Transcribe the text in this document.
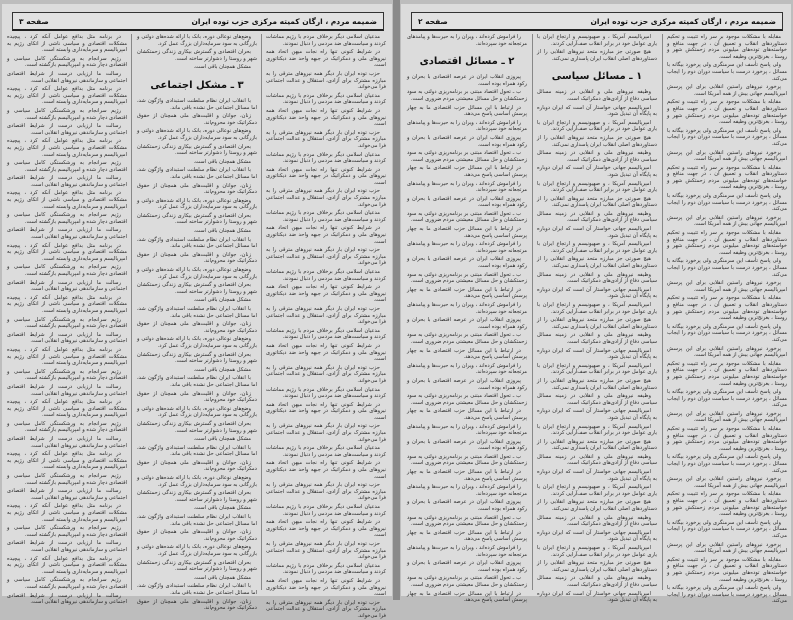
ضمیمه مردم ، ارگان کمیته مرکزی حزب توده ایران
صفحه ۳

مدعیان اسلامی دیگر برخلاف مردم با رژیم مماشات کردند و سیاست‌های ضد مردمی را دنبال نمودند.

در شرایط کنونی تنها راه نجات میهن اتحاد همه نیروهای ملی و دمکراتیک در جبهه واحد ضد دیکتاتوری است.

حزب توده ایران بار دیگر همه نیروهای مترقی را به مبارزه مشترک برای آزادی، استقلال و عدالت اجتماعی فرا می‌خواند.

مدعیان اسلامی دیگر برخلاف مردم با رژیم مماشات کردند و سیاست‌های ضد مردمی را دنبال نمودند.

در شرایط کنونی تنها راه نجات میهن اتحاد همه نیروهای ملی و دمکراتیک در جبهه واحد ضد دیکتاتوری است.

حزب توده ایران بار دیگر همه نیروهای مترقی را به مبارزه مشترک برای آزادی، استقلال و عدالت اجتماعی فرا می‌خواند.

مدعیان اسلامی دیگر برخلاف مردم با رژیم مماشات کردند و سیاست‌های ضد مردمی را دنبال نمودند.

در شرایط کنونی تنها راه نجات میهن اتحاد همه نیروهای ملی و دمکراتیک در جبهه واحد ضد دیکتاتوری است.

حزب توده ایران بار دیگر همه نیروهای مترقی را به مبارزه مشترک برای آزادی، استقلال و عدالت اجتماعی فرا می‌خواند.

مدعیان اسلامی دیگر برخلاف مردم با رژیم مماشات کردند و سیاست‌های ضد مردمی را دنبال نمودند.

در شرایط کنونی تنها راه نجات میهن اتحاد همه نیروهای ملی و دمکراتیک در جبهه واحد ضد دیکتاتوری است.

حزب توده ایران بار دیگر همه نیروهای مترقی را به مبارزه مشترک برای آزادی، استقلال و عدالت اجتماعی فرا می‌خواند.

مدعیان اسلامی دیگر برخلاف مردم با رژیم مماشات کردند و سیاست‌های ضد مردمی را دنبال نمودند.

در شرایط کنونی تنها راه نجات میهن اتحاد همه نیروهای ملی و دمکراتیک در جبهه واحد ضد دیکتاتوری است.

حزب توده ایران بار دیگر همه نیروهای مترقی را به مبارزه مشترک برای آزادی، استقلال و عدالت اجتماعی فرا می‌خواند.

مدعیان اسلامی دیگر برخلاف مردم با رژیم مماشات کردند و سیاست‌های ضد مردمی را دنبال نمودند.

در شرایط کنونی تنها راه نجات میهن اتحاد همه نیروهای ملی و دمکراتیک در جبهه واحد ضد دیکتاتوری است.

حزب توده ایران بار دیگر همه نیروهای مترقی را به مبارزه مشترک برای آزادی، استقلال و عدالت اجتماعی فرا می‌خواند.

مدعیان اسلامی دیگر برخلاف مردم با رژیم مماشات کردند و سیاست‌های ضد مردمی را دنبال نمودند.

در شرایط کنونی تنها راه نجات میهن اتحاد همه نیروهای ملی و دمکراتیک در جبهه واحد ضد دیکتاتوری است.

حزب توده ایران بار دیگر همه نیروهای مترقی را به مبارزه مشترک برای آزادی، استقلال و عدالت اجتماعی فرا می‌خواند.

مدعیان اسلامی دیگر برخلاف مردم با رژیم مماشات کردند و سیاست‌های ضد مردمی را دنبال نمودند.

در شرایط کنونی تنها راه نجات میهن اتحاد همه نیروهای ملی و دمکراتیک در جبهه واحد ضد دیکتاتوری است.

حزب توده ایران بار دیگر همه نیروهای مترقی را به مبارزه مشترک برای آزادی، استقلال و عدالت اجتماعی فرا می‌خواند.

مدعیان اسلامی دیگر برخلاف مردم با رژیم مماشات کردند و سیاست‌های ضد مردمی را دنبال نمودند.

در شرایط کنونی تنها راه نجات میهن اتحاد همه نیروهای ملی و دمکراتیک در جبهه واحد ضد دیکتاتوری است.

حزب توده ایران بار دیگر همه نیروهای مترقی را به مبارزه مشترک برای آزادی، استقلال و عدالت اجتماعی فرا می‌خواند.

مدعیان اسلامی دیگر برخلاف مردم با رژیم مماشات کردند و سیاست‌های ضد مردمی را دنبال نمودند.

در شرایط کنونی تنها راه نجات میهن اتحاد همه نیروهای ملی و دمکراتیک در جبهه واحد ضد دیکتاتوری است.

حزب توده ایران بار دیگر همه نیروهای مترقی را به مبارزه مشترک برای آزادی، استقلال و عدالت اجتماعی فرا می‌خواند.

وضع‌های نوعالی دوره، بانک با ارائه شده‌های دولتی و بازرگانی به سود سرمایه‌داران بزرگ عمل کرد.

بحران اقتصادی و گسترش بیکاری زندگی زحمتکشان شهر و روستا را دشوارتر ساخته است.

مشکل همچنان باقی است.

۳ ـ مشکل اجتماعی

با انقلاب ایران نظام سلطنت استبدادی واژگون شد، اما مسائل اجتماعی حل نشده باقی ماند.

زنان، جوانان و اقلیت‌های ملی همچنان از حقوق دمکراتیک خود محروم‌اند.

وضع‌های نوعالی دوره، بانک با ارائه شده‌های دولتی و بازرگانی به سود سرمایه‌داران بزرگ عمل کرد.

بحران اقتصادی و گسترش بیکاری زندگی زحمتکشان شهر و روستا را دشوارتر ساخته است.

مشکل همچنان باقی است.

با انقلاب ایران نظام سلطنت استبدادی واژگون شد، اما مسائل اجتماعی حل نشده باقی ماند.

زنان، جوانان و اقلیت‌های ملی همچنان از حقوق دمکراتیک خود محروم‌اند.

وضع‌های نوعالی دوره، بانک با ارائه شده‌های دولتی و بازرگانی به سود سرمایه‌داران بزرگ عمل کرد.

بحران اقتصادی و گسترش بیکاری زندگی زحمتکشان شهر و روستا را دشوارتر ساخته است.

مشکل همچنان باقی است.

با انقلاب ایران نظام سلطنت استبدادی واژگون شد، اما مسائل اجتماعی حل نشده باقی ماند.

زنان، جوانان و اقلیت‌های ملی همچنان از حقوق دمکراتیک خود محروم‌اند.

وضع‌های نوعالی دوره، بانک با ارائه شده‌های دولتی و بازرگانی به سود سرمایه‌داران بزرگ عمل کرد.

بحران اقتصادی و گسترش بیکاری زندگی زحمتکشان شهر و روستا را دشوارتر ساخته است.

مشکل همچنان باقی است.

با انقلاب ایران نظام سلطنت استبدادی واژگون شد، اما مسائل اجتماعی حل نشده باقی ماند.

زنان، جوانان و اقلیت‌های ملی همچنان از حقوق دمکراتیک خود محروم‌اند.

وضع‌های نوعالی دوره، بانک با ارائه شده‌های دولتی و بازرگانی به سود سرمایه‌داران بزرگ عمل کرد.

بحران اقتصادی و گسترش بیکاری زندگی زحمتکشان شهر و روستا را دشوارتر ساخته است.

مشکل همچنان باقی است.

با انقلاب ایران نظام سلطنت استبدادی واژگون شد، اما مسائل اجتماعی حل نشده باقی ماند.

زنان، جوانان و اقلیت‌های ملی همچنان از حقوق دمکراتیک خود محروم‌اند.

وضع‌های نوعالی دوره، بانک با ارائه شده‌های دولتی و بازرگانی به سود سرمایه‌داران بزرگ عمل کرد.

بحران اقتصادی و گسترش بیکاری زندگی زحمتکشان شهر و روستا را دشوارتر ساخته است.

مشکل همچنان باقی است.

با انقلاب ایران نظام سلطنت استبدادی واژگون شد، اما مسائل اجتماعی حل نشده باقی ماند.

زنان، جوانان و اقلیت‌های ملی همچنان از حقوق دمکراتیک خود محروم‌اند.

وضع‌های نوعالی دوره، بانک با ارائه شده‌های دولتی و بازرگانی به سود سرمایه‌داران بزرگ عمل کرد.

بحران اقتصادی و گسترش بیکاری زندگی زحمتکشان شهر و روستا را دشوارتر ساخته است.

مشکل همچنان باقی است.

با انقلاب ایران نظام سلطنت استبدادی واژگون شد، اما مسائل اجتماعی حل نشده باقی ماند.

زنان، جوانان و اقلیت‌های ملی همچنان از حقوق دمکراتیک خود محروم‌اند.

وضع‌های نوعالی دوره، بانک با ارائه شده‌های دولتی و بازرگانی به سود سرمایه‌داران بزرگ عمل کرد.

بحران اقتصادی و گسترش بیکاری زندگی زحمتکشان شهر و روستا را دشوارتر ساخته است.

مشکل همچنان باقی است.

با انقلاب ایران نظام سلطنت استبدادی واژگون شد، اما مسائل اجتماعی حل نشده باقی ماند.

زنان، جوانان و اقلیت‌های ملی همچنان از حقوق دمکراتیک خود محروم‌اند.

در برنامه مثل بدافع عوامل آنکه کرد ، پیچیده مشکلات اقتصادی و سیاسی ناشی از اتکای رژیم به امپریالیسم و سرمایه‌داری وابسته است.

رژیم سرانجام به ورشکستگی کامل سیاسی و اقتصادی دچار شده و امپریالیسم بازگشته است.

رسالت ما ارزیابی درست از شرایط اقتصادی اجتماعی و سازماندهی نیروهای انقلابی است.

در برنامه مثل بدافع عوامل آنکه کرد ، پیچیده مشکلات اقتصادی و سیاسی ناشی از اتکای رژیم به امپریالیسم و سرمایه‌داری وابسته است.

رژیم سرانجام به ورشکستگی کامل سیاسی و اقتصادی دچار شده و امپریالیسم بازگشته است.

رسالت ما ارزیابی درست از شرایط اقتصادی اجتماعی و سازماندهی نیروهای انقلابی است.

در برنامه مثل بدافع عوامل آنکه کرد ، پیچیده مشکلات اقتصادی و سیاسی ناشی از اتکای رژیم به امپریالیسم و سرمایه‌داری وابسته است.

رژیم سرانجام به ورشکستگی کامل سیاسی و اقتصادی دچار شده و امپریالیسم بازگشته است.

رسالت ما ارزیابی درست از شرایط اقتصادی اجتماعی و سازماندهی نیروهای انقلابی است.

در برنامه مثل بدافع عوامل آنکه کرد ، پیچیده مشکلات اقتصادی و سیاسی ناشی از اتکای رژیم به امپریالیسم و سرمایه‌داری وابسته است.

رژیم سرانجام به ورشکستگی کامل سیاسی و اقتصادی دچار شده و امپریالیسم بازگشته است.

رسالت ما ارزیابی درست از شرایط اقتصادی اجتماعی و سازماندهی نیروهای انقلابی است.

در برنامه مثل بدافع عوامل آنکه کرد ، پیچیده مشکلات اقتصادی و سیاسی ناشی از اتکای رژیم به امپریالیسم و سرمایه‌داری وابسته است.

رژیم سرانجام به ورشکستگی کامل سیاسی و اقتصادی دچار شده و امپریالیسم بازگشته است.

رسالت ما ارزیابی درست از شرایط اقتصادی اجتماعی و سازماندهی نیروهای انقلابی است.

در برنامه مثل بدافع عوامل آنکه کرد ، پیچیده مشکلات اقتصادی و سیاسی ناشی از اتکای رژیم به امپریالیسم و سرمایه‌داری وابسته است.

رژیم سرانجام به ورشکستگی کامل سیاسی و اقتصادی دچار شده و امپریالیسم بازگشته است.

رسالت ما ارزیابی درست از شرایط اقتصادی اجتماعی و سازماندهی نیروهای انقلابی است.

در برنامه مثل بدافع عوامل آنکه کرد ، پیچیده مشکلات اقتصادی و سیاسی ناشی از اتکای رژیم به امپریالیسم و سرمایه‌داری وابسته است.

رژیم سرانجام به ورشکستگی کامل سیاسی و اقتصادی دچار شده و امپریالیسم بازگشته است.

رسالت ما ارزیابی درست از شرایط اقتصادی اجتماعی و سازماندهی نیروهای انقلابی است.

در برنامه مثل بدافع عوامل آنکه کرد ، پیچیده مشکلات اقتصادی و سیاسی ناشی از اتکای رژیم به امپریالیسم و سرمایه‌داری وابسته است.

رژیم سرانجام به ورشکستگی کامل سیاسی و اقتصادی دچار شده و امپریالیسم بازگشته است.

رسالت ما ارزیابی درست از شرایط اقتصادی اجتماعی و سازماندهی نیروهای انقلابی است.

در برنامه مثل بدافع عوامل آنکه کرد ، پیچیده مشکلات اقتصادی و سیاسی ناشی از اتکای رژیم به امپریالیسم و سرمایه‌داری وابسته است.

رژیم سرانجام به ورشکستگی کامل سیاسی و اقتصادی دچار شده و امپریالیسم بازگشته است.

رسالت ما ارزیابی درست از شرایط اقتصادی اجتماعی و سازماندهی نیروهای انقلابی است.

در برنامه مثل بدافع عوامل آنکه کرد ، پیچیده مشکلات اقتصادی و سیاسی ناشی از اتکای رژیم به امپریالیسم و سرمایه‌داری وابسته است.

رژیم سرانجام به ورشکستگی کامل سیاسی و اقتصادی دچار شده و امپریالیسم بازگشته است.

رسالت ما ارزیابی درست از شرایط اقتصادی اجتماعی و سازماندهی نیروهای انقلابی است.

در برنامه مثل بدافع عوامل آنکه کرد ، پیچیده مشکلات اقتصادی و سیاسی ناشی از اتکای رژیم به امپریالیسم و سرمایه‌داری وابسته است.

رژیم سرانجام به ورشکستگی کامل سیاسی و اقتصادی دچار شده و امپریالیسم بازگشته است.

رسالت ما ارزیابی درست از شرایط اقتصادی اجتماعی و سازماندهی نیروهای انقلابی است.

ضمیمه مردم ، ارگان کمیته مرکزی حزب توده ایران
صفحه ۲

را فراموش کرده‌اند ، ویران را به حیرت‌ها و پیامدهای مرتجعانه خود سپرده‌اند.

۲ ـ مسائل اقتصادی

پیروزی انقلاب ایران در عرصه اقتصادی با بحران و رکود همراه بوده است.

ب ـ تحول اقتصاد مبتنی بر برنامه‌ریزی دولتی به سود زحمتکشان و حل مسائل معیشتی مردم ضروری است.

در ارتباط با این مسائل حزب اقتصادی ما به چهار پرسش اساسی پاسخ می‌دهد.

را فراموش کرده‌اند ، ویران را به حیرت‌ها و پیامدهای مرتجعانه خود سپرده‌اند.

پیروزی انقلاب ایران در عرصه اقتصادی با بحران و رکود همراه بوده است.

ب ـ تحول اقتصاد مبتنی بر برنامه‌ریزی دولتی به سود زحمتکشان و حل مسائل معیشتی مردم ضروری است.

در ارتباط با این مسائل حزب اقتصادی ما به چهار پرسش اساسی پاسخ می‌دهد.

را فراموش کرده‌اند ، ویران را به حیرت‌ها و پیامدهای مرتجعانه خود سپرده‌اند.

پیروزی انقلاب ایران در عرصه اقتصادی با بحران و رکود همراه بوده است.

ب ـ تحول اقتصاد مبتنی بر برنامه‌ریزی دولتی به سود زحمتکشان و حل مسائل معیشتی مردم ضروری است.

در ارتباط با این مسائل حزب اقتصادی ما به چهار پرسش اساسی پاسخ می‌دهد.

را فراموش کرده‌اند ، ویران را به حیرت‌ها و پیامدهای مرتجعانه خود سپرده‌اند.

پیروزی انقلاب ایران در عرصه اقتصادی با بحران و رکود همراه بوده است.

ب ـ تحول اقتصاد مبتنی بر برنامه‌ریزی دولتی به سود زحمتکشان و حل مسائل معیشتی مردم ضروری است.

در ارتباط با این مسائل حزب اقتصادی ما به چهار پرسش اساسی پاسخ می‌دهد.

را فراموش کرده‌اند ، ویران را به حیرت‌ها و پیامدهای مرتجعانه خود سپرده‌اند.

پیروزی انقلاب ایران در عرصه اقتصادی با بحران و رکود همراه بوده است.

ب ـ تحول اقتصاد مبتنی بر برنامه‌ریزی دولتی به سود زحمتکشان و حل مسائل معیشتی مردم ضروری است.

در ارتباط با این مسائل حزب اقتصادی ما به چهار پرسش اساسی پاسخ می‌دهد.

را فراموش کرده‌اند ، ویران را به حیرت‌ها و پیامدهای مرتجعانه خود سپرده‌اند.

پیروزی انقلاب ایران در عرصه اقتصادی با بحران و رکود همراه بوده است.

ب ـ تحول اقتصاد مبتنی بر برنامه‌ریزی دولتی به سود زحمتکشان و حل مسائل معیشتی مردم ضروری است.

در ارتباط با این مسائل حزب اقتصادی ما به چهار پرسش اساسی پاسخ می‌دهد.

را فراموش کرده‌اند ، ویران را به حیرت‌ها و پیامدهای مرتجعانه خود سپرده‌اند.

پیروزی انقلاب ایران در عرصه اقتصادی با بحران و رکود همراه بوده است.

ب ـ تحول اقتصاد مبتنی بر برنامه‌ریزی دولتی به سود زحمتکشان و حل مسائل معیشتی مردم ضروری است.

در ارتباط با این مسائل حزب اقتصادی ما به چهار پرسش اساسی پاسخ می‌دهد.

را فراموش کرده‌اند ، ویران را به حیرت‌ها و پیامدهای مرتجعانه خود سپرده‌اند.

پیروزی انقلاب ایران در عرصه اقتصادی با بحران و رکود همراه بوده است.

ب ـ تحول اقتصاد مبتنی بر برنامه‌ریزی دولتی به سود زحمتکشان و حل مسائل معیشتی مردم ضروری است.

در ارتباط با این مسائل حزب اقتصادی ما به چهار پرسش اساسی پاسخ می‌دهد.

را فراموش کرده‌اند ، ویران را به حیرت‌ها و پیامدهای مرتجعانه خود سپرده‌اند.

پیروزی انقلاب ایران در عرصه اقتصادی با بحران و رکود همراه بوده است.

ب ـ تحول اقتصاد مبتنی بر برنامه‌ریزی دولتی به سود زحمتکشان و حل مسائل معیشتی مردم ضروری است.

در ارتباط با این مسائل حزب اقتصادی ما به چهار پرسش اساسی پاسخ می‌دهد.

امپریالیسم آمریکا ، و صهیونیسم و ارتجاع ایران با یاری عوامل خود در برابر انقلاب صف‌آرایی کردند.

هیچ صورتی جز مبارزه متحد نیروهای انقلابی را از دستاوردهای اصلی انقلاب ایران پاسداری نمی‌کند.

۱ ـ مسائل سیاسی

وظیفه نیروهای ملی و انقلابی در زمینه مسائل سیاسی دفاع از آزادی‌های دمکراتیک است.

امپریالیسم جهانی خواستار آن است که ایران دوباره به پایگاه آن تبدیل شود.

امپریالیسم آمریکا ، و صهیونیسم و ارتجاع ایران با یاری عوامل خود در برابر انقلاب صف‌آرایی کردند.

هیچ صورتی جز مبارزه متحد نیروهای انقلابی را از دستاوردهای اصلی انقلاب ایران پاسداری نمی‌کند.

وظیفه نیروهای ملی و انقلابی در زمینه مسائل سیاسی دفاع از آزادی‌های دمکراتیک است.

امپریالیسم جهانی خواستار آن است که ایران دوباره به پایگاه آن تبدیل شود.

امپریالیسم آمریکا ، و صهیونیسم و ارتجاع ایران با یاری عوامل خود در برابر انقلاب صف‌آرایی کردند.

هیچ صورتی جز مبارزه متحد نیروهای انقلابی را از دستاوردهای اصلی انقلاب ایران پاسداری نمی‌کند.

وظیفه نیروهای ملی و انقلابی در زمینه مسائل سیاسی دفاع از آزادی‌های دمکراتیک است.

امپریالیسم جهانی خواستار آن است که ایران دوباره به پایگاه آن تبدیل شود.

امپریالیسم آمریکا ، و صهیونیسم و ارتجاع ایران با یاری عوامل خود در برابر انقلاب صف‌آرایی کردند.

هیچ صورتی جز مبارزه متحد نیروهای انقلابی را از دستاوردهای اصلی انقلاب ایران پاسداری نمی‌کند.

وظیفه نیروهای ملی و انقلابی در زمینه مسائل سیاسی دفاع از آزادی‌های دمکراتیک است.

امپریالیسم جهانی خواستار آن است که ایران دوباره به پایگاه آن تبدیل شود.

امپریالیسم آمریکا ، و صهیونیسم و ارتجاع ایران با یاری عوامل خود در برابر انقلاب صف‌آرایی کردند.

هیچ صورتی جز مبارزه متحد نیروهای انقلابی را از دستاوردهای اصلی انقلاب ایران پاسداری نمی‌کند.

وظیفه نیروهای ملی و انقلابی در زمینه مسائل سیاسی دفاع از آزادی‌های دمکراتیک است.

امپریالیسم جهانی خواستار آن است که ایران دوباره به پایگاه آن تبدیل شود.

امپریالیسم آمریکا ، و صهیونیسم و ارتجاع ایران با یاری عوامل خود در برابر انقلاب صف‌آرایی کردند.

هیچ صورتی جز مبارزه متحد نیروهای انقلابی را از دستاوردهای اصلی انقلاب ایران پاسداری نمی‌کند.

وظیفه نیروهای ملی و انقلابی در زمینه مسائل سیاسی دفاع از آزادی‌های دمکراتیک است.

امپریالیسم جهانی خواستار آن است که ایران دوباره به پایگاه آن تبدیل شود.

امپریالیسم آمریکا ، و صهیونیسم و ارتجاع ایران با یاری عوامل خود در برابر انقلاب صف‌آرایی کردند.

هیچ صورتی جز مبارزه متحد نیروهای انقلابی را از دستاوردهای اصلی انقلاب ایران پاسداری نمی‌کند.

وظیفه نیروهای ملی و انقلابی در زمینه مسائل سیاسی دفاع از آزادی‌های دمکراتیک است.

امپریالیسم جهانی خواستار آن است که ایران دوباره به پایگاه آن تبدیل شود.

امپریالیسم آمریکا ، و صهیونیسم و ارتجاع ایران با یاری عوامل خود در برابر انقلاب صف‌آرایی کردند.

هیچ صورتی جز مبارزه متحد نیروهای انقلابی را از دستاوردهای اصلی انقلاب ایران پاسداری نمی‌کند.

وظیفه نیروهای ملی و انقلابی در زمینه مسائل سیاسی دفاع از آزادی‌های دمکراتیک است.

امپریالیسم جهانی خواستار آن است که ایران دوباره به پایگاه آن تبدیل شود.

امپریالیسم آمریکا ، و صهیونیسم و ارتجاع ایران با یاری عوامل خود در برابر انقلاب صف‌آرایی کردند.

هیچ صورتی جز مبارزه متحد نیروهای انقلابی را از دستاوردهای اصلی انقلاب ایران پاسداری نمی‌کند.

وظیفه نیروهای ملی و انقلابی در زمینه مسائل سیاسی دفاع از آزادی‌های دمکراتیک است.

امپریالیسم جهانی خواستار آن است که ایران دوباره به پایگاه آن تبدیل شود.

مقابله با مشکلات موجود بر سر راه تثبیت و تحکیم دستاوردهای انقلاب و تعمیق آن ، در جهت منافع و خواسته‌های توده‌های میلیونی مردم زحمتکش شهر و روستا ، بغرنج‌ترین وظیفه است.

ولی پاسخ تأسف این سرمنگری ولی پرخورد بیگانه با مسائل ، پرخورد درست با سیاست دوران دوم را ایجاب می‌کند.

پرخورد نیروهای راستین انقلابی برای این پرسش امپریالیسم جهانی بیش از همه آمریکا است.

مقابله با مشکلات موجود بر سر راه تثبیت و تحکیم دستاوردهای انقلاب و تعمیق آن ، در جهت منافع و خواسته‌های توده‌های میلیونی مردم زحمتکش شهر و روستا ، بغرنج‌ترین وظیفه است.

ولی پاسخ تأسف این سرمنگری ولی پرخورد بیگانه با مسائل ، پرخورد درست با سیاست دوران دوم را ایجاب می‌کند.

پرخورد نیروهای راستین انقلابی برای این پرسش امپریالیسم جهانی بیش از همه آمریکا است.

مقابله با مشکلات موجود بر سر راه تثبیت و تحکیم دستاوردهای انقلاب و تعمیق آن ، در جهت منافع و خواسته‌های توده‌های میلیونی مردم زحمتکش شهر و روستا ، بغرنج‌ترین وظیفه است.

ولی پاسخ تأسف این سرمنگری ولی پرخورد بیگانه با مسائل ، پرخورد درست با سیاست دوران دوم را ایجاب می‌کند.

پرخورد نیروهای راستین انقلابی برای این پرسش امپریالیسم جهانی بیش از همه آمریکا است.

مقابله با مشکلات موجود بر سر راه تثبیت و تحکیم دستاوردهای انقلاب و تعمیق آن ، در جهت منافع و خواسته‌های توده‌های میلیونی مردم زحمتکش شهر و روستا ، بغرنج‌ترین وظیفه است.

ولی پاسخ تأسف این سرمنگری ولی پرخورد بیگانه با مسائل ، پرخورد درست با سیاست دوران دوم را ایجاب می‌کند.

پرخورد نیروهای راستین انقلابی برای این پرسش امپریالیسم جهانی بیش از همه آمریکا است.

مقابله با مشکلات موجود بر سر راه تثبیت و تحکیم دستاوردهای انقلاب و تعمیق آن ، در جهت منافع و خواسته‌های توده‌های میلیونی مردم زحمتکش شهر و روستا ، بغرنج‌ترین وظیفه است.

ولی پاسخ تأسف این سرمنگری ولی پرخورد بیگانه با مسائل ، پرخورد درست با سیاست دوران دوم را ایجاب می‌کند.

پرخورد نیروهای راستین انقلابی برای این پرسش امپریالیسم جهانی بیش از همه آمریکا است.

مقابله با مشکلات موجود بر سر راه تثبیت و تحکیم دستاوردهای انقلاب و تعمیق آن ، در جهت منافع و خواسته‌های توده‌های میلیونی مردم زحمتکش شهر و روستا ، بغرنج‌ترین وظیفه است.

ولی پاسخ تأسف این سرمنگری ولی پرخورد بیگانه با مسائل ، پرخورد درست با سیاست دوران دوم را ایجاب می‌کند.

پرخورد نیروهای راستین انقلابی برای این پرسش امپریالیسم جهانی بیش از همه آمریکا است.

مقابله با مشکلات موجود بر سر راه تثبیت و تحکیم دستاوردهای انقلاب و تعمیق آن ، در جهت منافع و خواسته‌های توده‌های میلیونی مردم زحمتکش شهر و روستا ، بغرنج‌ترین وظیفه است.

ولی پاسخ تأسف این سرمنگری ولی پرخورد بیگانه با مسائل ، پرخورد درست با سیاست دوران دوم را ایجاب می‌کند.

پرخورد نیروهای راستین انقلابی برای این پرسش امپریالیسم جهانی بیش از همه آمریکا است.

مقابله با مشکلات موجود بر سر راه تثبیت و تحکیم دستاوردهای انقلاب و تعمیق آن ، در جهت منافع و خواسته‌های توده‌های میلیونی مردم زحمتکش شهر و روستا ، بغرنج‌ترین وظیفه است.

ولی پاسخ تأسف این سرمنگری ولی پرخورد بیگانه با مسائل ، پرخورد درست با سیاست دوران دوم را ایجاب می‌کند.

پرخورد نیروهای راستین انقلابی برای این پرسش امپریالیسم جهانی بیش از همه آمریکا است.

مقابله با مشکلات موجود بر سر راه تثبیت و تحکیم دستاوردهای انقلاب و تعمیق آن ، در جهت منافع و خواسته‌های توده‌های میلیونی مردم زحمتکش شهر و روستا ، بغرنج‌ترین وظیفه است.

ولی پاسخ تأسف این سرمنگری ولی پرخورد بیگانه با مسائل ، پرخورد درست با سیاست دوران دوم را ایجاب می‌کند.
